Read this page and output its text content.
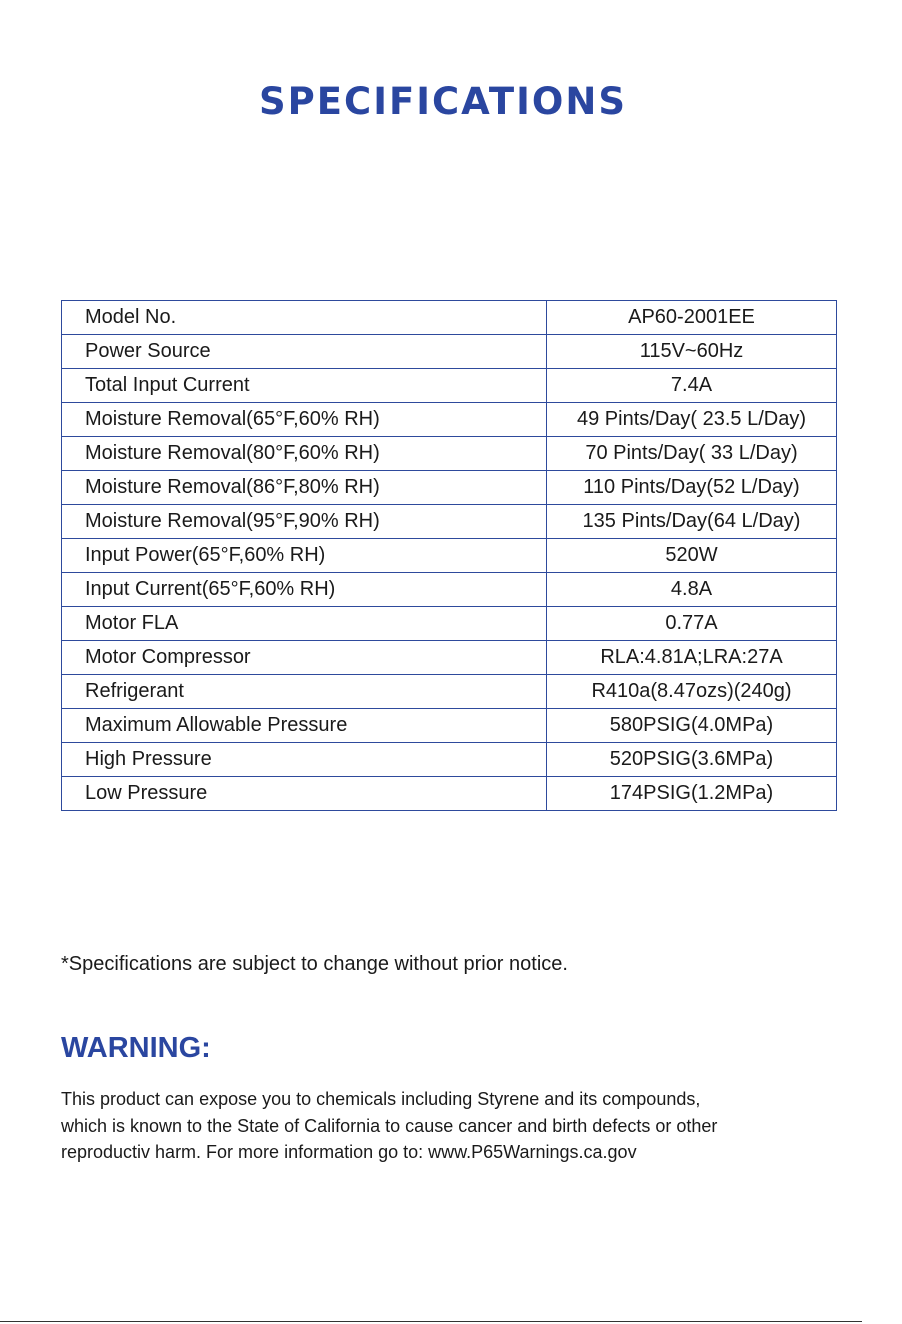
SPECIFICATIONS
Model No.	AP60-2001EE
Power Source	115V~60Hz
Total Input Current	7.4A
Moisture Removal(65°F,60% RH)	49 Pints/Day( 23.5 L/Day)
Moisture Removal(80°F,60% RH)	70 Pints/Day( 33 L/Day)
Moisture Removal(86°F,80% RH)	110 Pints/Day(52 L/Day)
Moisture Removal(95°F,90% RH)	135 Pints/Day(64 L/Day)
Input Power(65°F,60% RH)	520W
Input Current(65°F,60% RH)	4.8A
Motor FLA	0.77A
Motor Compressor	RLA:4.81A;LRA:27A
Refrigerant	R410a(8.47ozs)(240g)
Maximum Allowable Pressure	580PSIG(4.0MPa)
High Pressure	520PSIG(3.6MPa)
Low Pressure	174PSIG(1.2MPa)

*Specifications are subject to change without prior notice.

WARNING:

This product can expose you to chemicals including Styrene and its compounds,
which is known to the State of California to cause cancer and birth defects or other
reproductiv harm. For more information go to: www.P65Warnings.ca.gov
